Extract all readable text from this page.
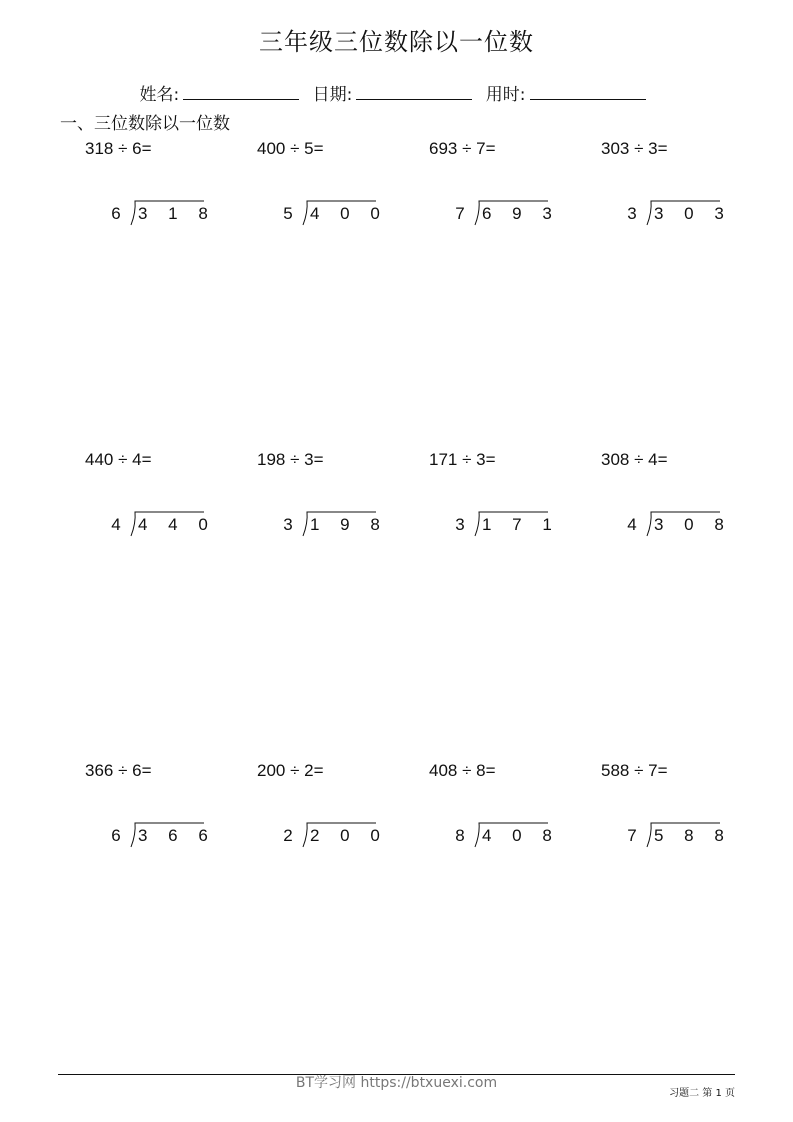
三年级三位数除以一位数
姓名:	日期:	用时:
一、三位数除以一位数
318 ÷ 6=
6 3 1 8
400 ÷ 5=
5 4 0 0
693 ÷ 7=
7 6 9 3
303 ÷ 3=
3 3 0 3
440 ÷ 4=
4 4 4 0
198 ÷ 3=
3 1 9 8
171 ÷ 3=
3 1 7 1
308 ÷ 4=
4 3 0 8
366 ÷ 6=
6 3 6 6
200 ÷ 2=
2 2 0 0
408 ÷ 8=
8 4 0 8
588 ÷ 7=
7 5 8 8
BT学习网 https://btxuexi.com
习题二 第 1 页
